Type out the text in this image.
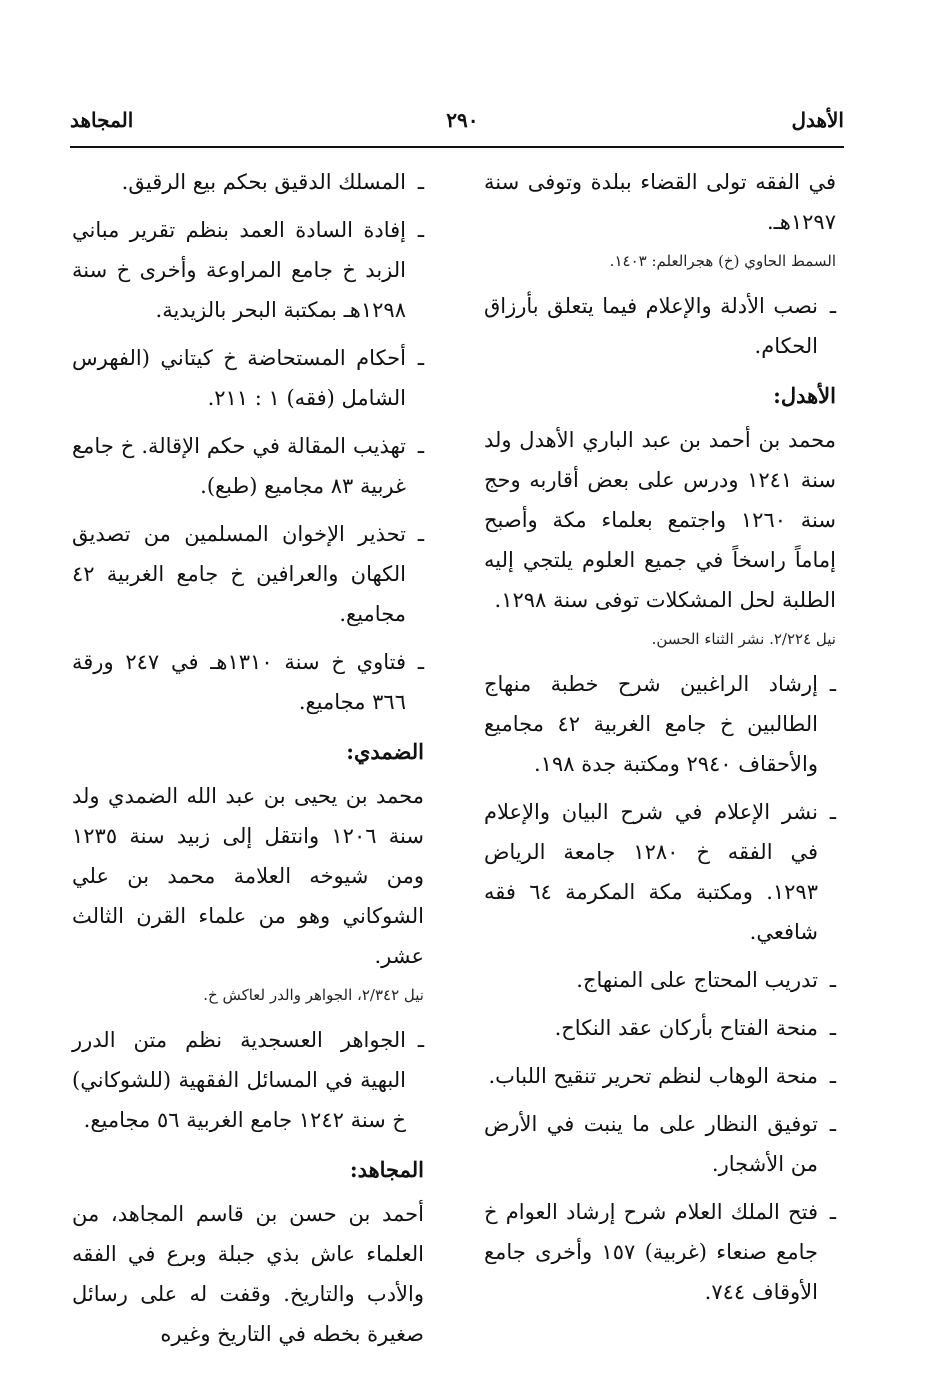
الأهدل
٢٩٠
المجاهد
في الفقه تولى القضاء ببلدة وتوفى سنة ١٢٩٧هـ.
السمط الحاوي (خ) هجرالعلم: ١٤٠٣.
ـ نصب الأدلة والإعلام فيما يتعلق بأرزاق الحكام.
الأهدل:
محمد بن أحمد بن عبد الباري الأهدل ولد سنة ١٢٤١ ودرس على بعض أقاربه وحج سنة ١٢٦٠ واجتمع بعلماء مكة وأصبح إماماً راسخاً في جميع العلوم يلتجي إليه الطلبة لحل المشكلات توفى سنة ١٢٩٨.
نيل ٢/٢٢٤. نشر الثناء الحسن.
ـ إرشاد الراغبين شرح خطبة منهاج الطالبين خ جامع الغربية ٤٢ مجاميع والأحقاف ٢٩٤٠ ومكتبة جدة ١٩٨.
ـ نشر الإعلام في شرح البيان والإعلام في الفقه خ ١٢٨٠ جامعة الرياض ١٢٩٣. ومكتبة مكة المكرمة ٦٤ فقه شافعي.
ـ تدريب المحتاج على المنهاج.
ـ منحة الفتاح بأركان عقد النكاح.
ـ منحة الوهاب لنظم تحرير تنقيح اللباب.
ـ توفيق النظار على ما ينبت في الأرض من الأشجار.
ـ فتح الملك العلام شرح إرشاد العوام خ جامع صنعاء (غربية) ١٥٧ وأخرى جامع الأوقاف ٧٤٤.
ـ المسلك الدقيق بحكم بيع الرقيق.
ـ إفادة السادة العمد بنظم تقرير مباني الزبد خ جامع المراوعة وأخرى خ سنة ١٢٩٨هـ بمكتبة البحر بالزيدية.
ـ أحكام المستحاضة خ كيتاني (الفهرس الشامل (فقه) ١ : ٢١١.
ـ تهذيب المقالة في حكم الإقالة. خ جامع غربية ٨٣ مجاميع (طبع).
ـ تحذير الإخوان المسلمين من تصديق الكهان والعرافين خ جامع الغربية ٤٢ مجاميع.
ـ فتاوي خ سنة ١٣١٠هـ في ٢٤٧ ورقة ٣٦٦ مجاميع.
الضمدي:
محمد بن يحيى بن عبد الله الضمدي ولد سنة ١٢٠٦ وانتقل إلى زبيد سنة ١٢٣٥ ومن شيوخه العلامة محمد بن علي الشوكاني وهو من علماء القرن الثالث عشر.
نيل ٢/٣٤٢، الجواهر والدر لعاكش خ.
ـ الجواهر العسجدية نظم متن الدرر البهية في المسائل الفقهية (للشوكاني) خ سنة ١٢٤٢ جامع الغربية ٥٦ مجاميع.
المجاهد:
أحمد بن حسن بن قاسم المجاهد، من العلماء عاش بذي جبلة وبرع في الفقه والأدب والتاريخ. وقفت له على رسائل صغيرة بخطه في التاريخ وغيره
